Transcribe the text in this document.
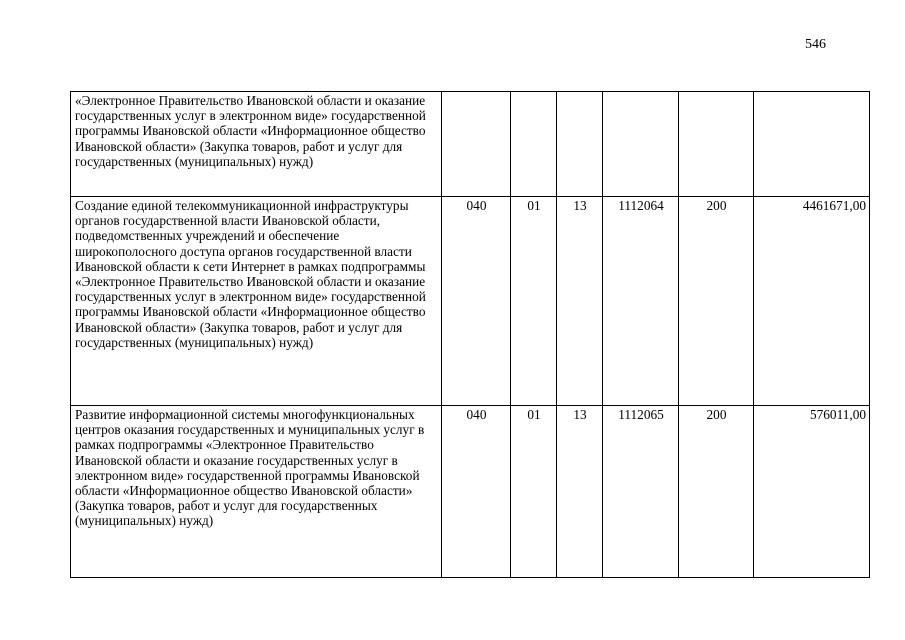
546
«Электронное Правительство Ивановской области и оказание государственных услуг в электронном виде» государственной программы Ивановской области «Информационное общество Ивановской области» (Закупка товаров, работ и услуг для государственных (муниципальных) нужд)						
Создание единой телекоммуникационной инфраструктуры органов государственной власти Ивановской области, подведомственных учреждений и обеспечение широкополосного доступа органов государственной власти Ивановской области к сети Интернет в рамках подпрограммы «Электронное Правительство Ивановской области и оказание государственных услуг в электронном виде» государственной программы Ивановской области «Информационное общество Ивановской области» (Закупка товаров, работ и услуг для государственных (муниципальных) нужд)	040	01	13	1112064	200	4461671,00
Развитие информационной системы многофункциональных центров оказания государственных и муниципальных услуг в рамках подпрограммы «Электронное Правительство Ивановской области и оказание государственных услуг в электронном виде» государственной программы Ивановской области «Информационное общество Ивановской области» (Закупка товаров, работ и услуг для государственных (муниципальных) нужд)	040	01	13	1112065	200	576011,00
